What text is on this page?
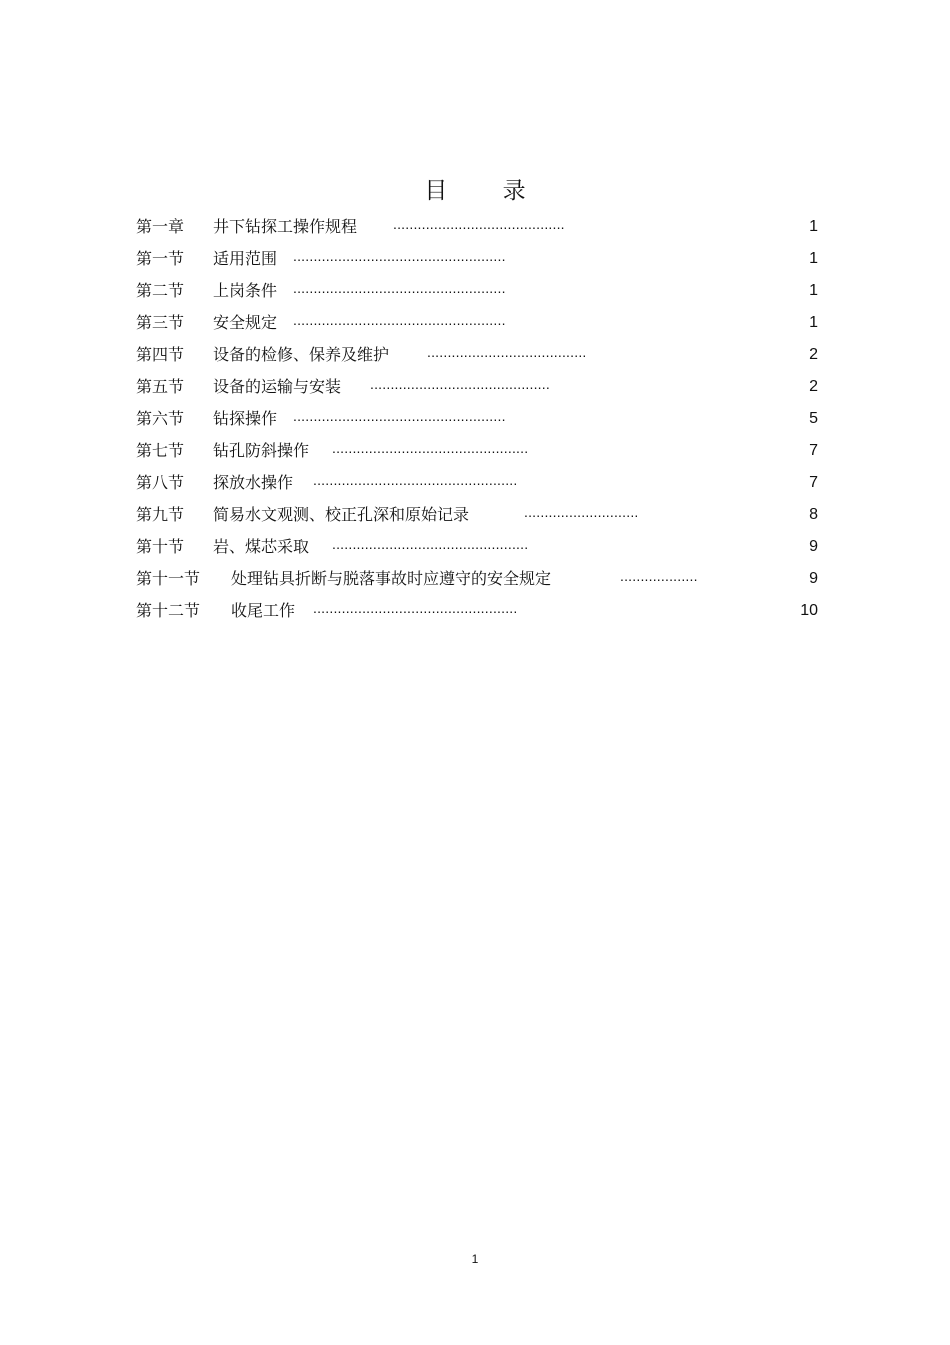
目 录
第一章 井下钻探工操作规程	..........................................	1
第一节 适用范围 ....................................................	1
第二节 上岗条件 ....................................................	1
第三节 安全规定 ....................................................	1
第四节 设备的检修、保养及维护	.......................................	2
第五节 设备的运输与安装 ............................................	2
第六节 钻探操作 ....................................................	5
第七节 钻孔防斜操作 ................................................	7
第八节 探放水操作 ..................................................	7
第九节 简易水文观测、校正孔深和原始记录	............................	8
第十节 岩、煤芯采取 ................................................	9
第十一节 处理钻具折断与脱落事故时应遵守的安全规定	...................	9
第十二节 收尾工作 ..................................................	10
1
